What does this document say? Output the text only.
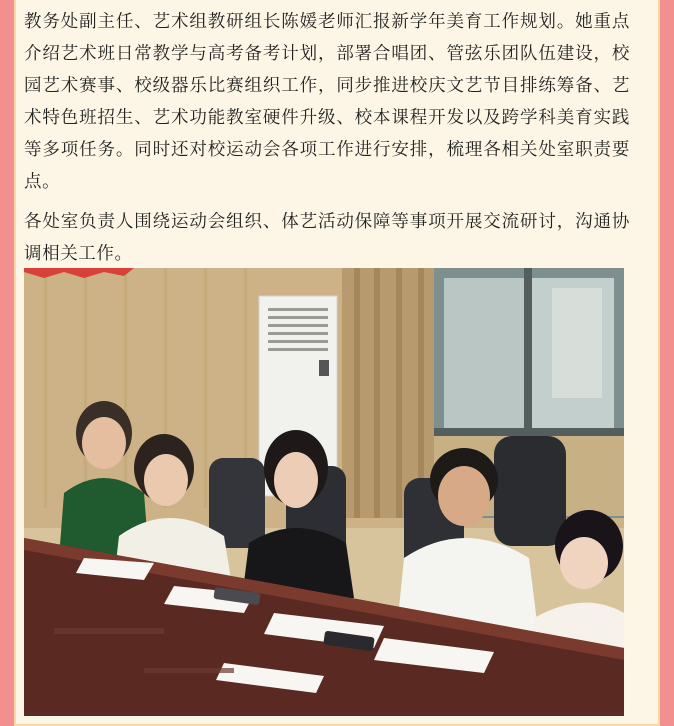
教务处副主任、艺术组教研组长陈媛老师汇报新学年美育工作规划。她重点介绍艺术班日常教学与高考备考计划，部署合唱团、管弦乐团队伍建设，校园艺术赛事、校级器乐比赛组织工作，同步推进校庆文艺节目排练筹备、艺术特色班招生、艺术功能教室硬件升级、校本课程开发以及跨学科美育实践等多项任务。同时还对校运动会各项工作进行安排，梳理各相关处室职责要点。

各处室负责人围绕运动会组织、体艺活动保障等事项开展交流研讨，沟通协调相关工作。
